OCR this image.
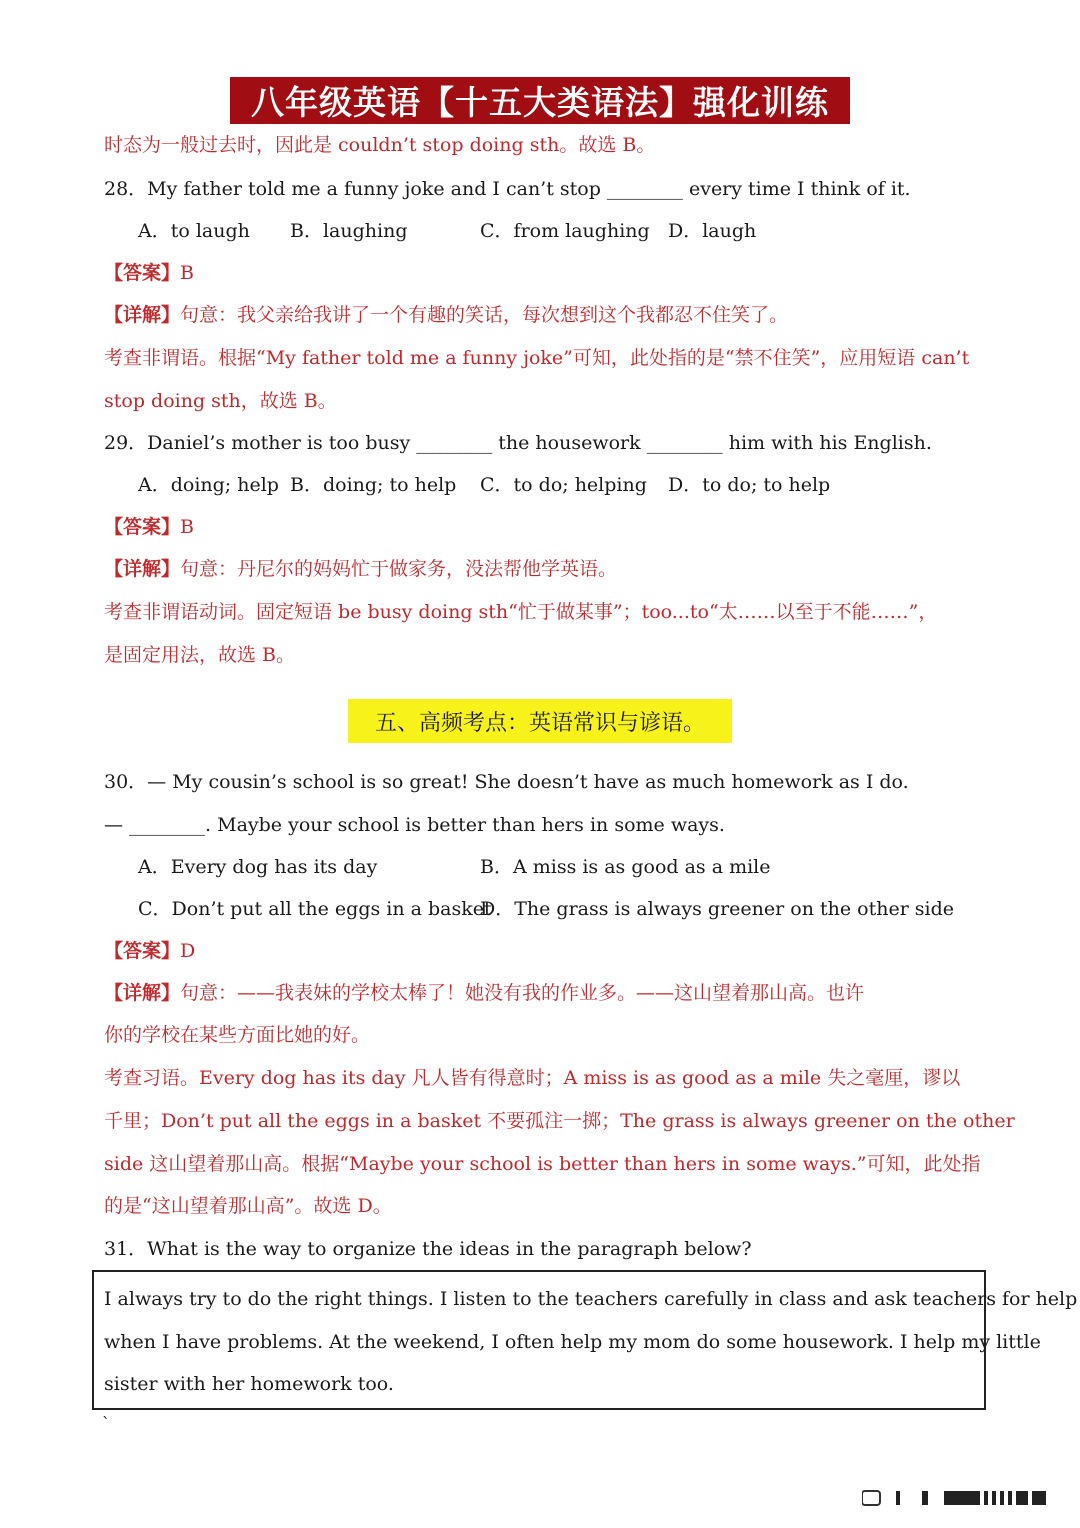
八年级英语【十五大类语法】强化训练
时态为一般过去时，因此是 couldn’t stop doing sth。故选 B。
28．My father told me a funny joke and I can’t stop ________ every time I think of it.
A．to laugh B．laughing	C．from laughing D．laugh
【答案】B
【详解】句意：我父亲给我讲了一个有趣的笑话，每次想到这个我都忍不住笑了。
考查非谓语。根据“My father told me a funny joke”可知，此处指的是“禁不住笑”，应用短语 can’t
stop doing sth，故选 B。
29．Daniel’s mother is too busy ________ the housework ________ him with his English.
A．doing; help B．doing; to help C．to do; helping D．to do; to help
【答案】B
【详解】句意：丹尼尔的妈妈忙于做家务，没法帮他学英语。
考查非谓语动词。固定短语 be busy doing sth“忙于做某事”；too...to“太……以至于不能……”，
是固定用法，故选 B。
五、高频考点：英语常识与谚语。
30．— My cousin’s school is so great! She doesn’t have as much homework as I do.
— ________. Maybe your school is better than hers in some ways.
A．Every dog has its day	B．A miss is as good as a mile
C．Don’t put all the eggs in a basket
D．The grass is always greener on the other side
【答案】D
【详解】句意：——我表妹的学校太棒了！她没有我的作业多。——这山望着那山高。也许
你的学校在某些方面比她的好。
考查习语。Every dog has its day 凡人皆有得意时；A miss is as good as a mile 失之毫厘，谬以
千里；Don’t put all the eggs in a basket 不要孤注一掷；The grass is always greener on the other
side 这山望着那山高。根据“Maybe your school is better than hers in some ways.”可知，此处指
的是“这山望着那山高”。故选 D。
31．What is the way to organize the ideas in the paragraph below?
I always try to do the right things. I listen to the teachers carefully in class and ask teachers for help
when I have problems. At the weekend, I often help my mom do some housework. I help my little
sister with her homework too.
`
